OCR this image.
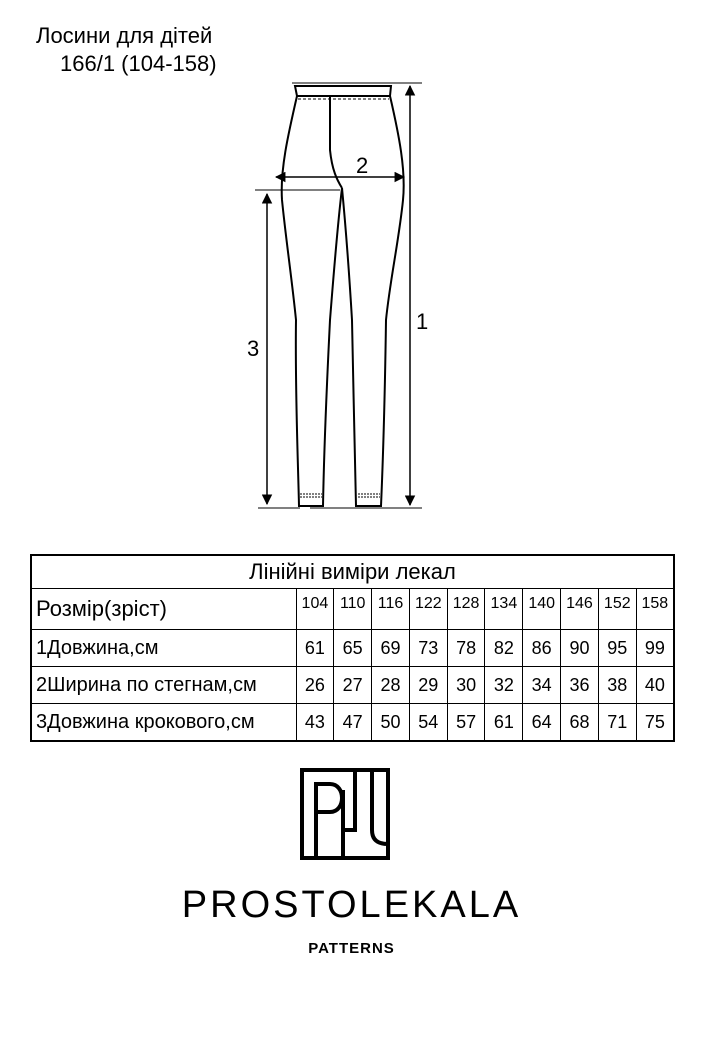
Лосини для дітей
166/1 (104-158)
1
2
3
Лінійні виміри лекал										
Розмір(зріст)	104	110	116	122	128	134	140	146	152	158
1Довжина,см	61	65	69	73	78	82	86	90	95	99
2Ширина по стегнам,см	26	27	28	29	30	32	34	36	38	40
3Довжина крокового,см	43	47	50	54	57	61	64	68	71	75
PROSTOLEKALA
PATTERNS
